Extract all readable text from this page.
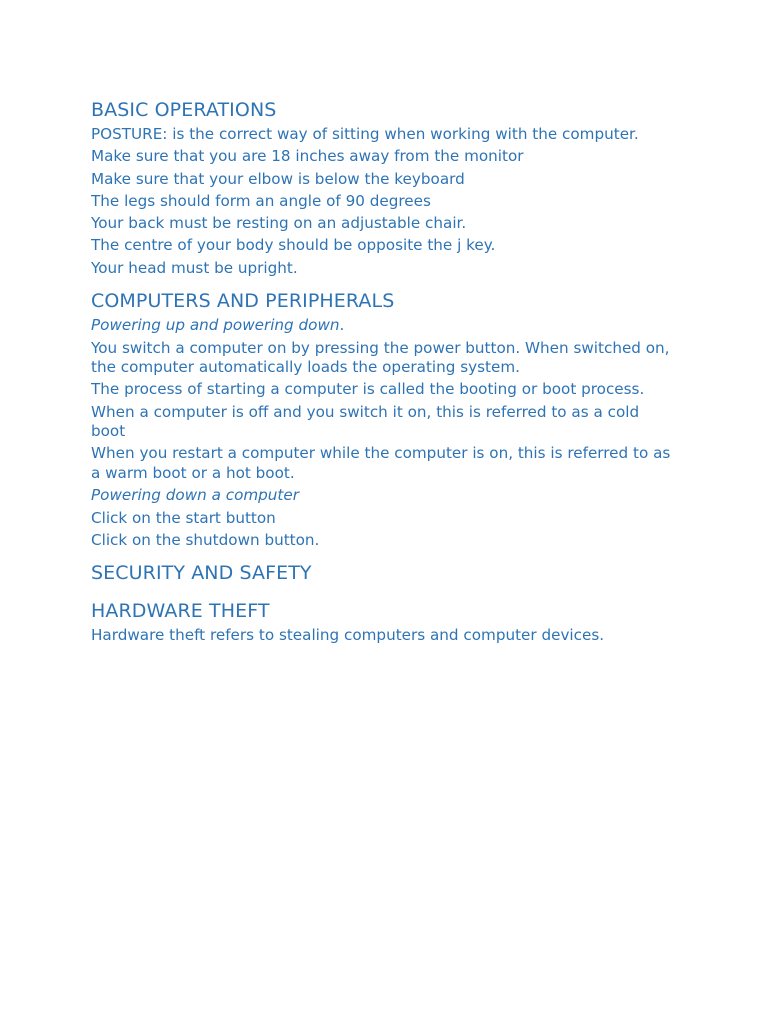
BASIC OPERATIONS

POSTURE: is the correct way of sitting when working with the computer.

Make sure that you are 18 inches away from the monitor

Make sure that your elbow is below the keyboard

The legs should form an angle of 90 degrees

Your back must be resting on an adjustable chair.

The centre of your body should be opposite the j key.

Your head must be upright.

COMPUTERS AND PERIPHERALS

Powering up and powering down.

You switch a computer on by pressing the power button. When switched on, the computer automatically loads the operating system.

The process of starting a computer is called the booting or boot process.

When a computer is off and you switch it on, this is referred to as a cold boot

When you restart a computer while the computer is on, this is referred to as a warm boot or a hot boot.

Powering down a computer

Click on the start button

Click on the shutdown button.

SECURITY AND SAFETY
HARDWARE THEFT

Hardware theft refers to stealing computers and computer devices.
